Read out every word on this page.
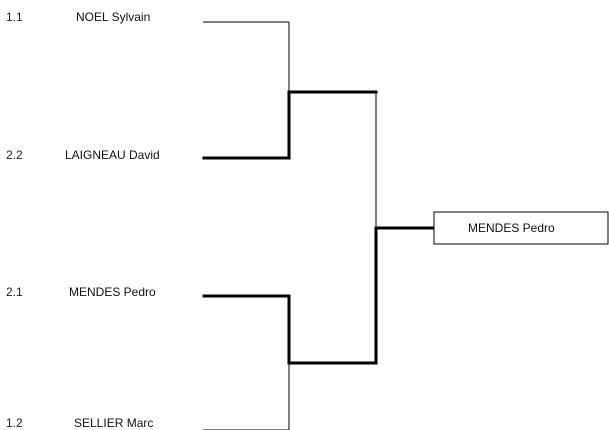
1.1	NOEL Sylvain
2.2	LAIGNEAU David
2.1	MENDES Pedro
1.2	SELLIER Marc
MENDES Pedro
